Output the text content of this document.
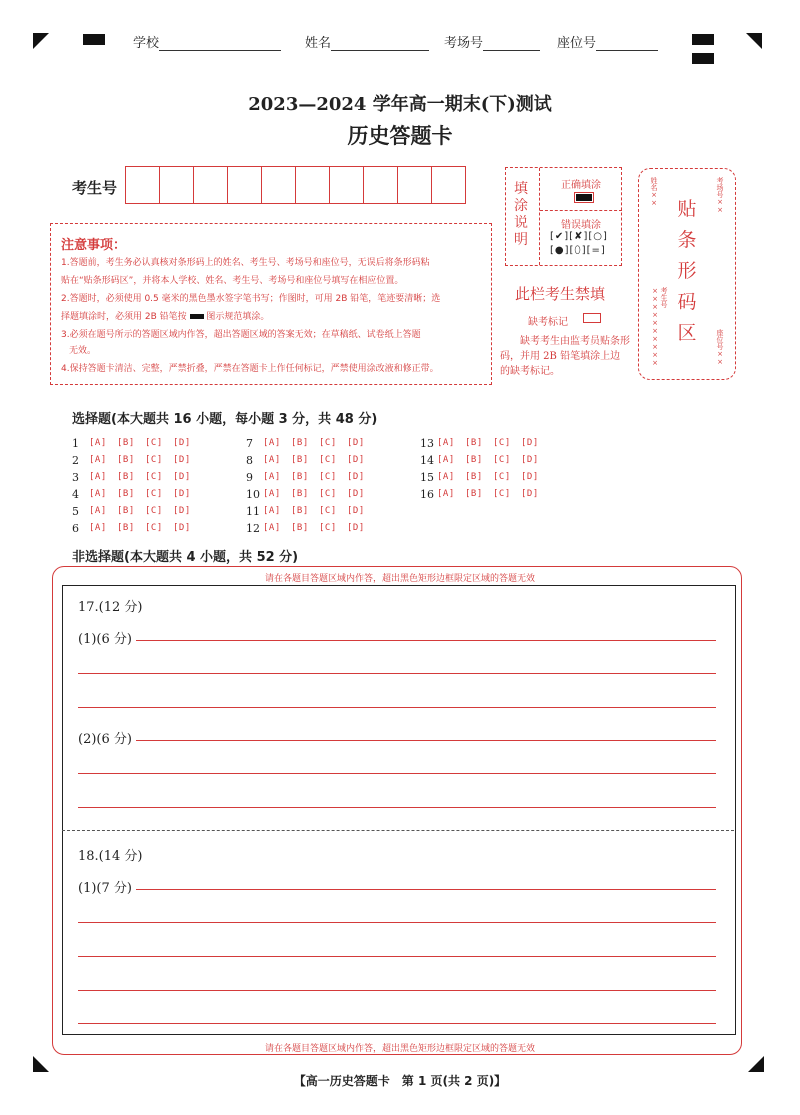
学校	姓名	考场号	座位号
2023—2024 学年高一期末(下)测试
历史答题卡
考生号
注意事项：
1.答题前，考生务必认真核对条形码上的姓名、考生号、考场号和座位号，无误后将条形码粘
贴在“贴条形码区”，并将本人学校、姓名、考生号、考场号和座位号填写在相应位置。
2.答题时，必须使用 0.5 毫米的黑色墨水签字笔书写；作图时，可用 2B 铅笔，笔迹要清晰；选
择题填涂时，必须用 2B 铅笔按 图示规范填涂。
3.必须在题号所示的答题区域内作答，超出答题区域的答案无效；在草稿纸、试卷纸上答题
无效。
4.保持答题卡清洁、完整，严禁折叠，严禁在答题卡上作任何标记，严禁使用涂改液和修正带。
填涂说明
正确填涂
错误填涂
[✔][✘][○]
[●][⬯][=]
此栏考生禁填
缺考标记
缺考考生由监考员贴条形码，并用 2B 铅笔填涂上边的缺考标记。
姓名××	考场号××
贴条形码区
考生号××××××××××	座位号××
选择题(本大题共 16 小题，每小题 3 分，共 48 分)
1	[A]	[B]	[C]	[D]
2	[A]	[B]	[C]	[D]
3	[A]	[B]	[C]	[D]
4	[A]	[B]	[C]	[D]
5	[A]	[B]	[C]	[D]
6	[A]	[B]	[C]	[D]
7	[A]	[B]	[C]	[D]
8	[A]	[B]	[C]	[D]
9	[A]	[B]	[C]	[D]
10 [A]	[B]	[C]	[D]
11 [A]	[B]	[C]	[D]
12 [A]	[B]	[C]	[D]
13 [A]	[B]	[C]	[D]
14 [A]	[B]	[C]	[D]
15 [A]	[B]	[C]	[D]
16 [A]	[B]	[C]	[D]
非选择题(本大题共 4 小题，共 52 分)
请在各题目答题区域内作答，超出黑色矩形边框限定区域的答题无效
17.(12 分)
(1)(6 分)
(2)(6 分)
18.(14 分)
(1)(7 分)
请在各题目答题区域内作答，超出黑色矩形边框限定区域的答题无效
【高一历史答题卡　第 1 页(共 2 页)】
